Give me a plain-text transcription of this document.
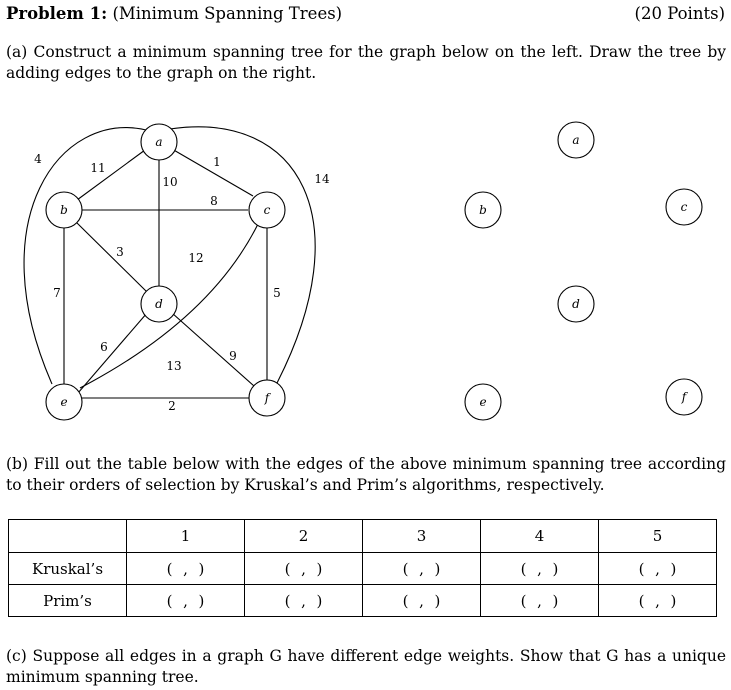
Problem 1: (Minimum Spanning Trees)	(20 Points)
(a) Construct a minimum spanning tree for the graph below on the left. Draw the tree by adding edges to the graph on the right.
a
b	c
d
e	f
a
b	c
d
e	f
11	1
10
8
3	12
5
7
6
9
2
4
14
13
(b) Fill out the table below with the edges of the above minimum spanning tree according to their orders of selection by Kruskal’s and Prim’s algorithms, respectively.
	1	2	3	4	5
Kruskal’s	( , )	( , )	( , )	( , )	( , )
Prim’s	( , )	( , )	( , )	( , )	( , )
(c) Suppose all edges in a graph G have different edge weights. Show that G has a unique minimum spanning tree.
